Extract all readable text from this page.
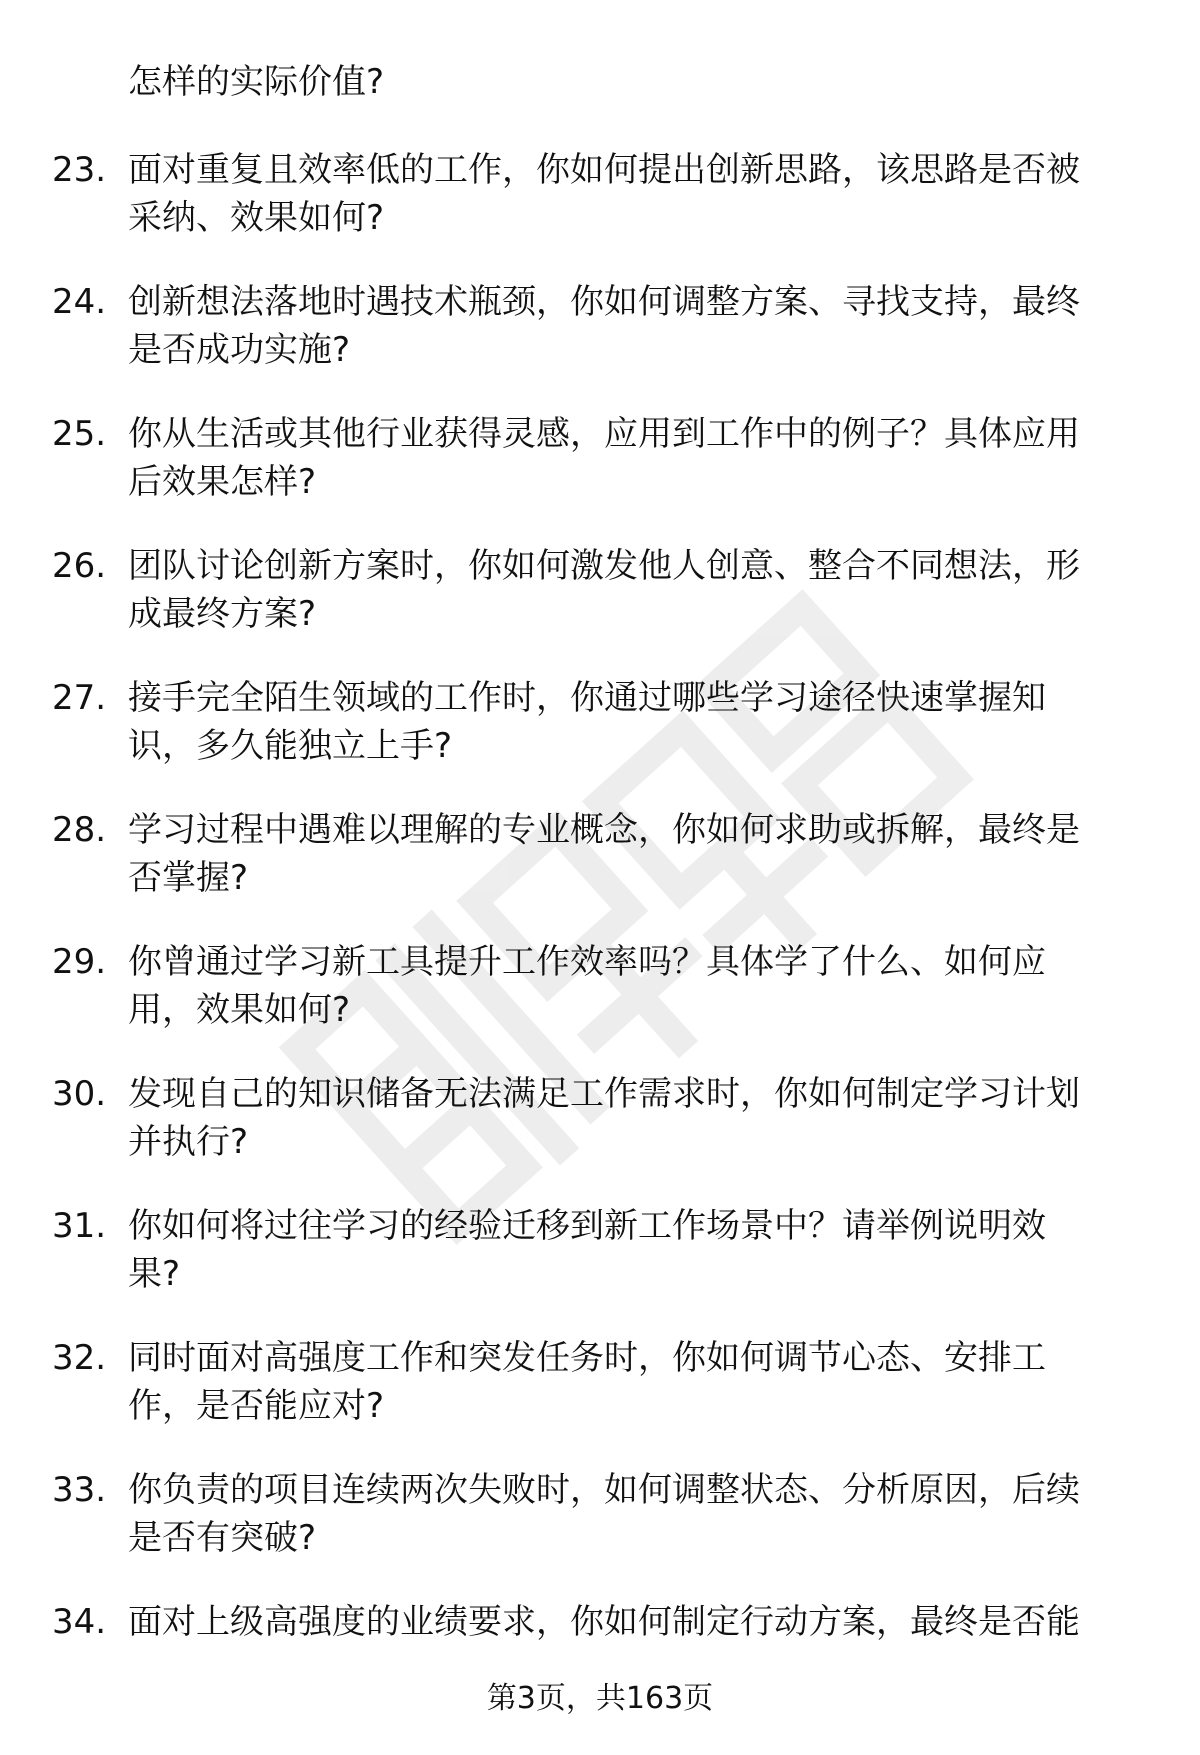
怎样的实际价值?
23. 面对重复且效率低的工作，你如何提出创新思路，该思路是否被
采纳、效果如何?
24. 创新想法落地时遇技术瓶颈，你如何调整方案、寻找支持，最终
是否成功实施?
25. 你从生活或其他行业获得灵感，应用到工作中的例子？具体应用
后效果怎样?
26. 团队讨论创新方案时，你如何激发他人创意、整合不同想法，形
成最终方案?
27. 接手完全陌生领域的工作时，你通过哪些学习途径快速掌握知
识，多久能独立上手?
28. 学习过程中遇难以理解的专业概念，你如何求助或拆解，最终是
否掌握?
29. 你曾通过学习新工具提升工作效率吗？具体学了什么、如何应
用，效果如何?
30. 发现自己的知识储备无法满足工作需求时，你如何制定学习计划
并执行?
31. 你如何将过往学习的经验迁移到新工作场景中？请举例说明效
果?
32. 同时面对高强度工作和突发任务时，你如何调节心态、安排工
作，是否能应对?
33. 你负责的项目连续两次失败时，如何调整状态、分析原因，后续
是否有突破?
34. 面对上级高强度的业绩要求，你如何制定行动方案，最终是否能
第3页，共163页
